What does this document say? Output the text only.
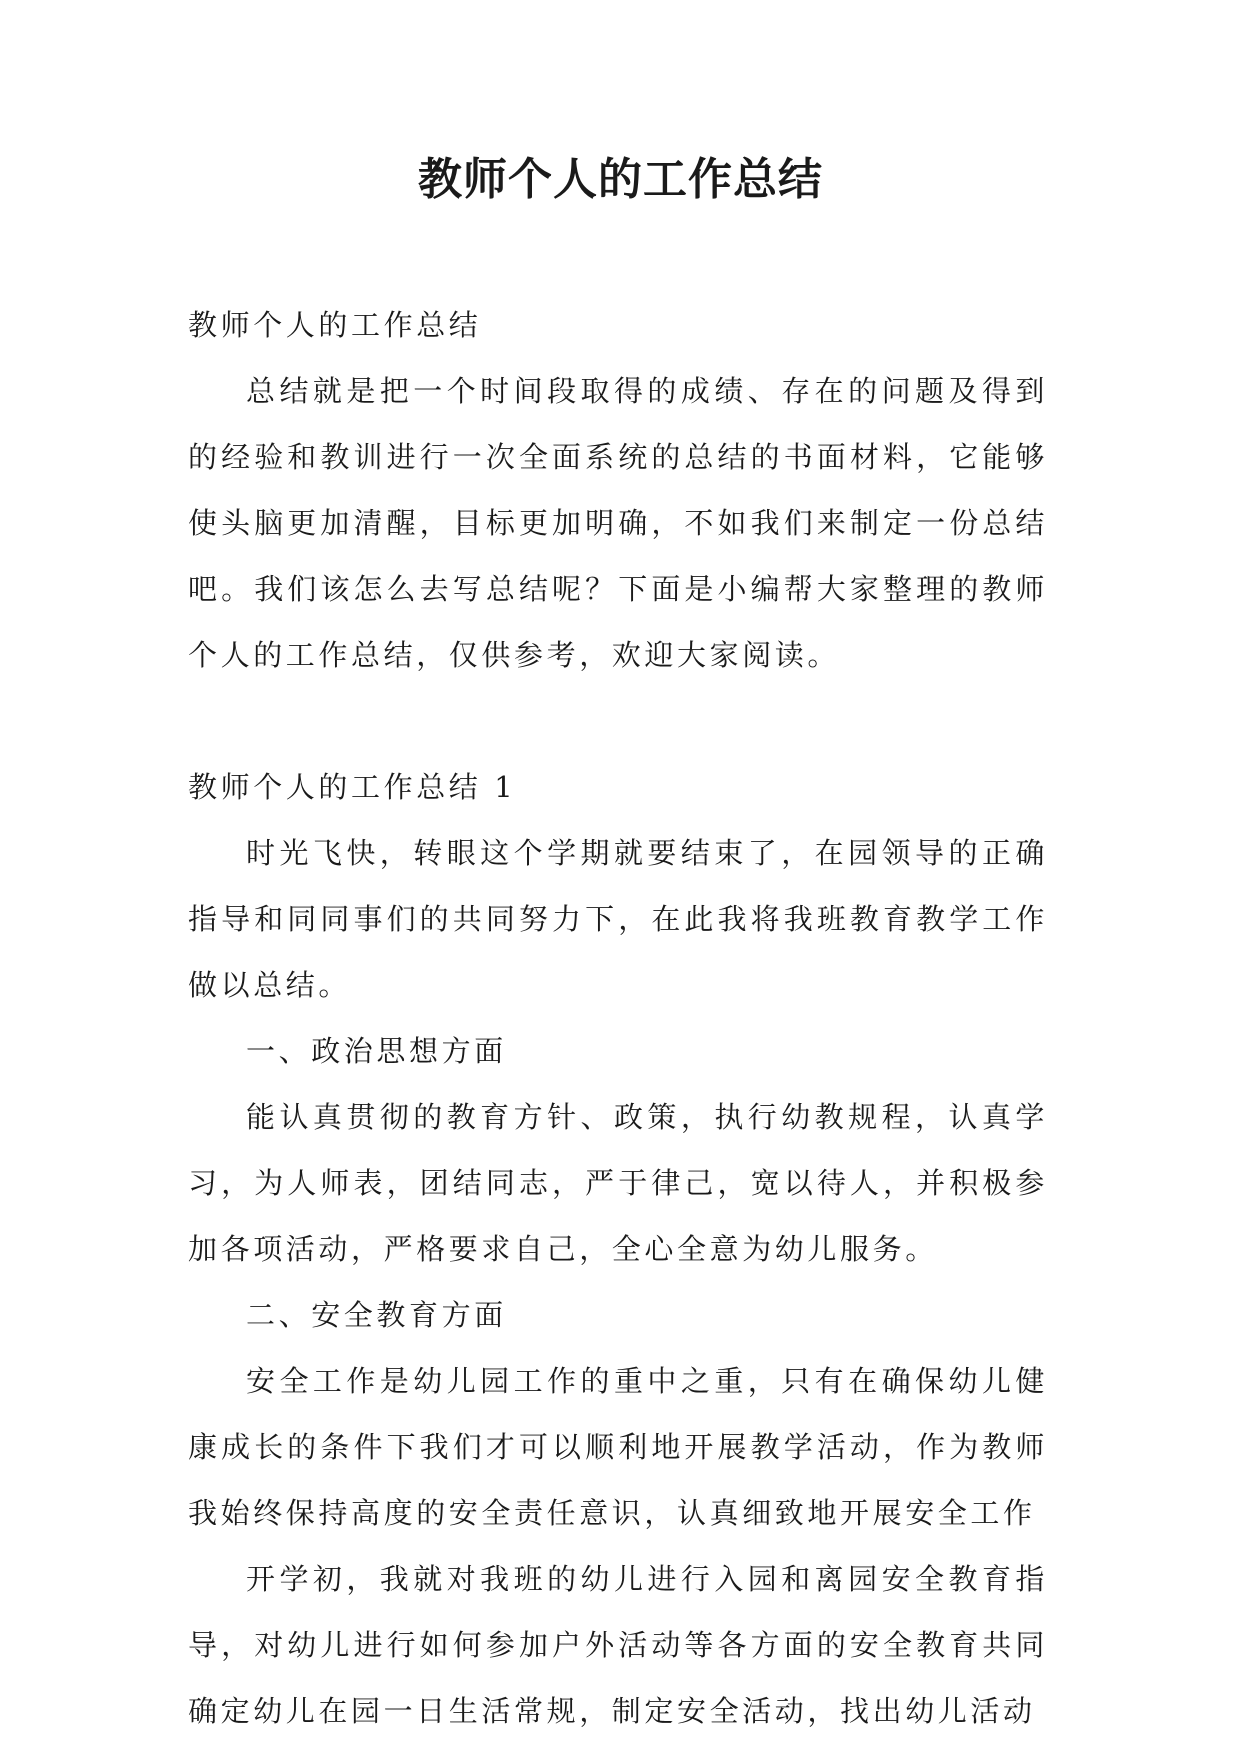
教师个人的工作总结

教师个人的工作总结

总结就是把一个时间段取得的成绩、存在的问题及得到的经验和教训进行一次全面系统的总结的书面材料，它能够使头脑更加清醒，目标更加明确，不如我们来制定一份总结吧。我们该怎么去写总结呢？下面是小编帮大家整理的教师个人的工作总结，仅供参考，欢迎大家阅读。

教师个人的工作总结 1

时光飞快，转眼这个学期就要结束了，在园领导的正确指导和同同事们的共同努力下，在此我将我班教育教学工作做以总结。

一、政治思想方面

能认真贯彻的教育方针、政策，执行幼教规程，认真学习，为人师表，团结同志，严于律己，宽以待人，并积极参加各项活动，严格要求自己，全心全意为幼儿服务。

二、安全教育方面

安全工作是幼儿园工作的重中之重，只有在确保幼儿健康成长的条件下我们才可以顺利地开展教学活动，作为教师我始终保持高度的安全责任意识，认真细致地开展安全工作

开学初，我就对我班的幼儿进行入园和离园安全教育指导，对幼儿进行如何参加户外活动等各方面的安全教育共同确定幼儿在园一日生活常规，制定安全活动，找出幼儿活动
